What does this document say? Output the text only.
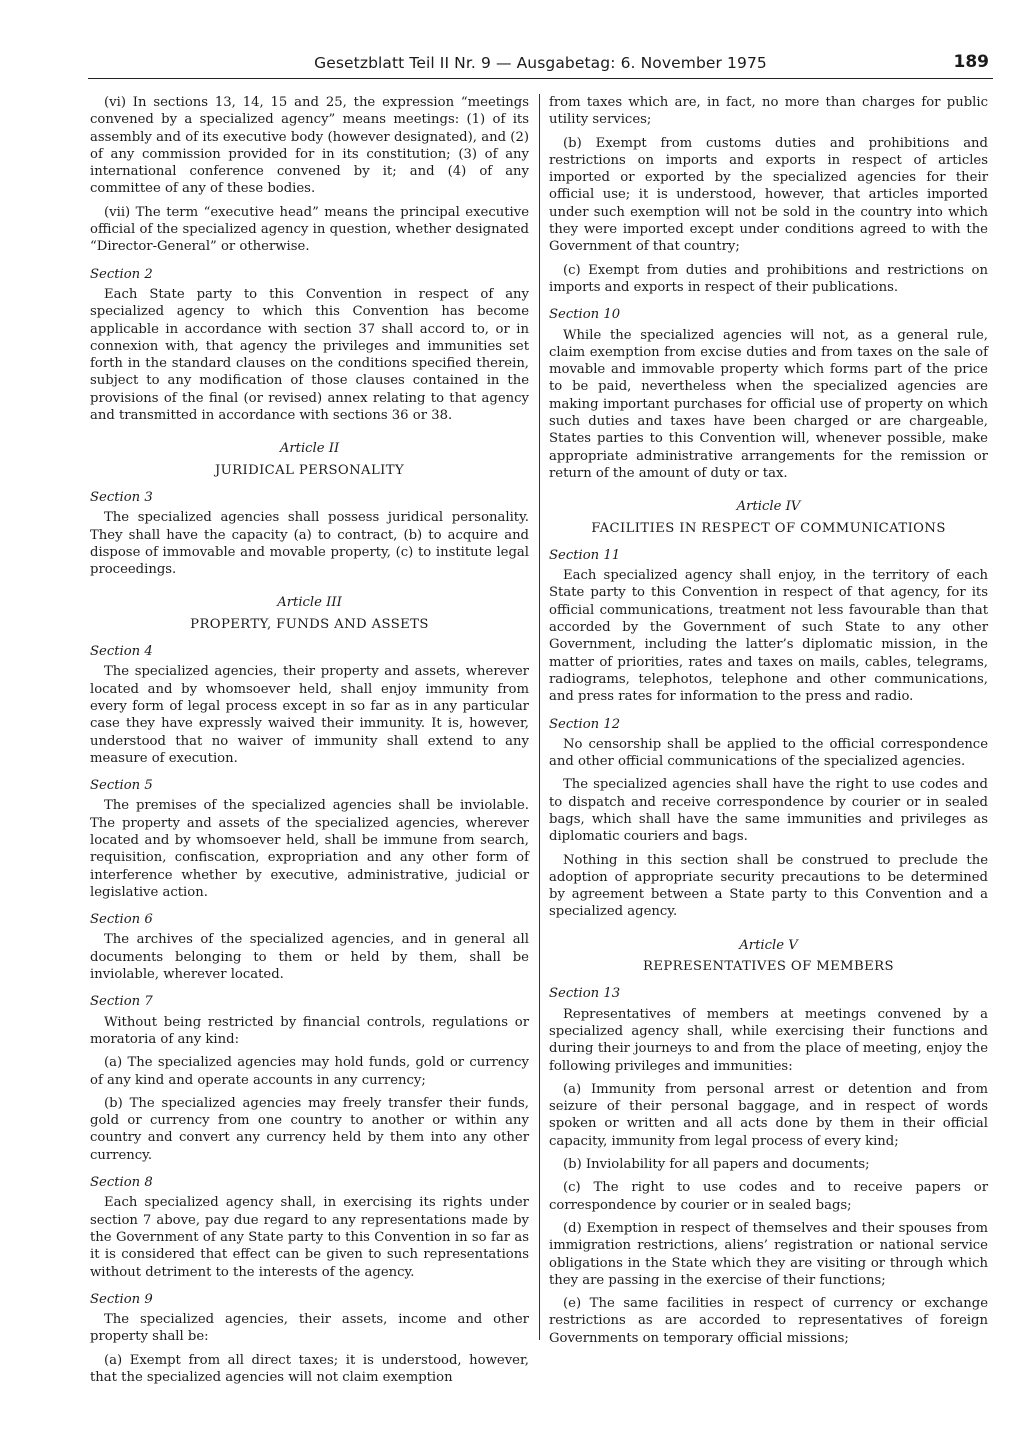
Gesetzblatt Teil II Nr. 9 — Ausgabetag: 6. November 1975	189

(vi) In sections 13, 14, 15 and 25, the expression “meetings convened by a specialized agency” means meetings: (1) of its assembly and of its executive body (however designated), and (2) of any commission provided for in its constitution; (3) of any international conference convened by it; and (4) of any committee of any of these bodies.

(vii) The term “executive head” means the principal executive official of the specialized agency in question, whether designated “Director-General” or otherwise.

Section 2

Each State party to this Convention in respect of any specialized agency to which this Convention has become applicable in accordance with section 37 shall accord to, or in connexion with, that agency the privileges and immunities set forth in the standard clauses on the conditions specified therein, subject to any modification of those clauses contained in the provisions of the final (or revised) annex relating to that agency and transmitted in accordance with sections 36 or 38.

Article II
JURIDICAL PERSONALITY
Section 3

The specialized agencies shall possess juridical personality. They shall have the capacity (a) to contract, (b) to acquire and dispose of immovable and movable property, (c) to institute legal proceedings.

Article III
PROPERTY, FUNDS AND ASSETS
Section 4

The specialized agencies, their property and assets, wherever located and by whomsoever held, shall enjoy immunity from every form of legal process except in so far as in any particular case they have expressly waived their immunity. It is, however, understood that no waiver of immunity shall extend to any measure of execution.

Section 5

The premises of the specialized agencies shall be inviolable. The property and assets of the specialized agencies, wherever located and by whomsoever held, shall be immune from search, requisition, confiscation, expropriation and any other form of interference whether by executive, administrative, judicial or legislative action.

Section 6

The archives of the specialized agencies, and in general all documents belonging to them or held by them, shall be inviolable, wherever located.

Section 7

Without being restricted by financial controls, regulations or moratoria of any kind:

(a) The specialized agencies may hold funds, gold or currency of any kind and operate accounts in any currency;

(b) The specialized agencies may freely transfer their funds, gold or currency from one country to another or within any country and convert any currency held by them into any other currency.

Section 8

Each specialized agency shall, in exercising its rights under section 7 above, pay due regard to any representations made by the Government of any State party to this Convention in so far as it is considered that effect can be given to such representations without detriment to the interests of the agency.

Section 9

The specialized agencies, their assets, income and other property shall be:

(a) Exempt from all direct taxes; it is understood, however, that the specialized agencies will not claim exemption

from taxes which are, in fact, no more than charges for public utility services;

(b) Exempt from customs duties and prohibitions and restrictions on imports and exports in respect of articles imported or exported by the specialized agencies for their official use; it is understood, however, that articles imported under such exemption will not be sold in the country into which they were imported except under conditions agreed to with the Government of that country;

(c) Exempt from duties and prohibitions and restrictions on imports and exports in respect of their publications.

Section 10

While the specialized agencies will not, as a general rule, claim exemption from excise duties and from taxes on the sale of movable and immovable property which forms part of the price to be paid, nevertheless when the specialized agencies are making important purchases for official use of property on which such duties and taxes have been charged or are chargeable, States parties to this Convention will, whenever possible, make appropriate administrative arrangements for the remission or return of the amount of duty or tax.

Article IV
FACILITIES IN RESPECT OF COMMUNICATIONS
Section 11

Each specialized agency shall enjoy, in the territory of each State party to this Convention in respect of that agency, for its official communications, treatment not less favourable than that accorded by the Government of such State to any other Government, including the latter’s diplomatic mission, in the matter of priorities, rates and taxes on mails, cables, telegrams, radiograms, telephotos, telephone and other communications, and press rates for information to the press and radio.

Section 12

No censorship shall be applied to the official correspondence and other official communications of the specialized agencies.

The specialized agencies shall have the right to use codes and to dispatch and receive correspondence by courier or in sealed bags, which shall have the same immunities and privileges as diplomatic couriers and bags.

Nothing in this section shall be construed to preclude the adoption of appropriate security precautions to be determined by agreement between a State party to this Convention and a specialized agency.

Article V
REPRESENTATIVES OF MEMBERS
Section 13

Representatives of members at meetings convened by a specialized agency shall, while exercising their functions and during their journeys to and from the place of meeting, enjoy the following privileges and immunities:

(a) Immunity from personal arrest or detention and from seizure of their personal baggage, and in respect of words spoken or written and all acts done by them in their official capacity, immunity from legal process of every kind;

(b) Inviolability for all papers and documents;

(c) The right to use codes and to receive papers or correspondence by courier or in sealed bags;

(d) Exemption in respect of themselves and their spouses from immigration restrictions, aliens’ registration or national service obligations in the State which they are visiting or through which they are passing in the exercise of their functions;

(e) The same facilities in respect of currency or exchange restrictions as are accorded to representatives of foreign Governments on temporary official missions;
